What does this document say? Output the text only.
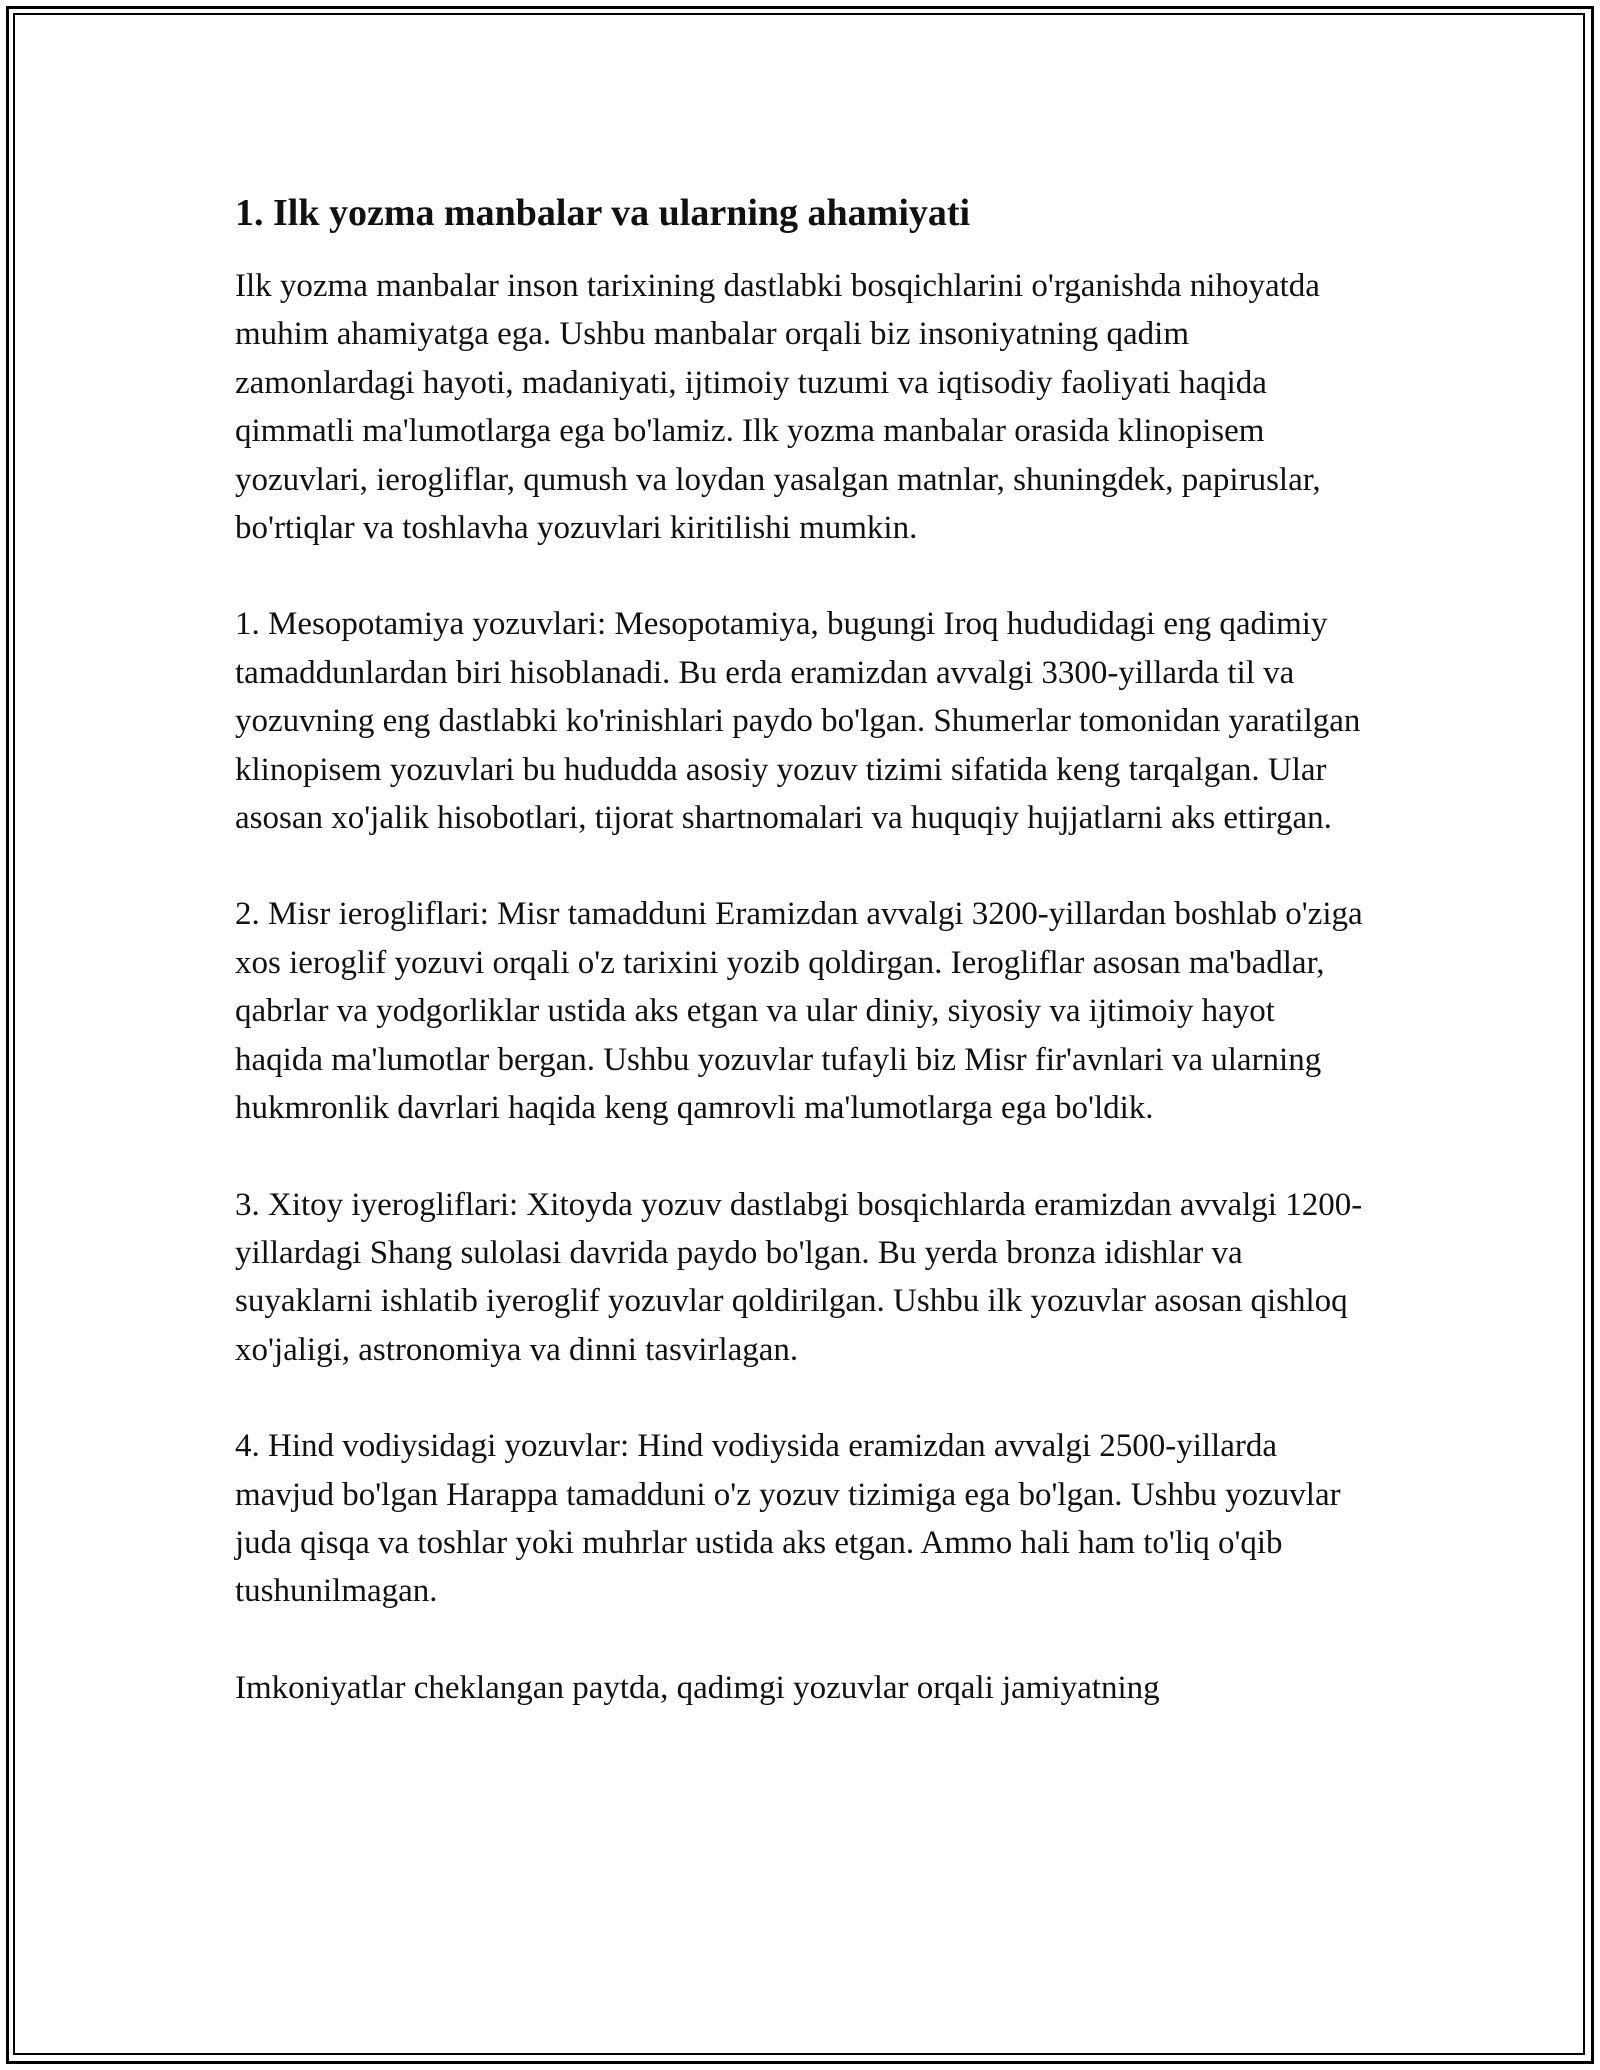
1. Ilk yozma manbalar va ularning ahamiyati

Ilk yozma manbalar inson tarixining dastlabki bosqichlarini o'rganishda nihoyatda muhim ahamiyatga ega. Ushbu manbalar orqali biz insoniyatning qadim zamonlardagi hayoti, madaniyati, ijtimoiy tuzumi va iqtisodiy faoliyati haqida qimmatli ma'lumotlarga ega bo'lamiz. Ilk yozma manbalar orasida klinopisem yozuvlari, ierogliflar, qumush va loydan yasalgan matnlar, shuningdek, papiruslar, bo'rtiqlar va toshlavha yozuvlari kiritilishi mumkin.

1. Mesopotamiya yozuvlari: Mesopotamiya, bugungi Iroq hududidagi eng qadimiy tamaddunlardan biri hisoblanadi. Bu erda eramizdan avvalgi 3300-yillarda til va yozuvning eng dastlabki ko'rinishlari paydo bo'lgan. Shumerlar tomonidan yaratilgan klinopisem yozuvlari bu hududda asosiy yozuv tizimi sifatida keng tarqalgan. Ular asosan xo'jalik hisobotlari, tijorat shartnomalari va huquqiy hujjatlarni aks ettirgan.

2. Misr ierogliflari: Misr tamadduni Eramizdan avvalgi 3200-yillardan boshlab o'ziga xos ieroglif yozuvi orqali o'z tarixini yozib qoldirgan. Ierogliflar asosan ma'badlar, qabrlar va yodgorliklar ustida aks etgan va ular diniy, siyosiy va ijtimoiy hayot haqida ma'lumotlar bergan. Ushbu yozuvlar tufayli biz Misr fir'avnlari va ularning hukmronlik davrlari haqida keng qamrovli ma'lumotlarga ega bo'ldik.

3. Xitoy iyerogliflari: Xitoyda yozuv dastlabgi bosqichlarda eramizdan avvalgi 1200-yillardagi Shang sulolasi davrida paydo bo'lgan. Bu yerda bronza idishlar va suyaklarni ishlatib iyeroglif yozuvlar qoldirilgan. Ushbu ilk yozuvlar asosan qishloq xo'jaligi, astronomiya va dinni tasvirlagan.

4. Hind vodiysidagi yozuvlar: Hind vodiysida eramizdan avvalgi 2500-yillarda mavjud bo'lgan Harappa tamadduni o'z yozuv tizimiga ega bo'lgan. Ushbu yozuvlar juda qisqa va toshlar yoki muhrlar ustida aks etgan. Ammo hali ham to'liq o'qib tushunilmagan.

Imkoniyatlar cheklangan paytda, qadimgi yozuvlar orqali jamiyatning
